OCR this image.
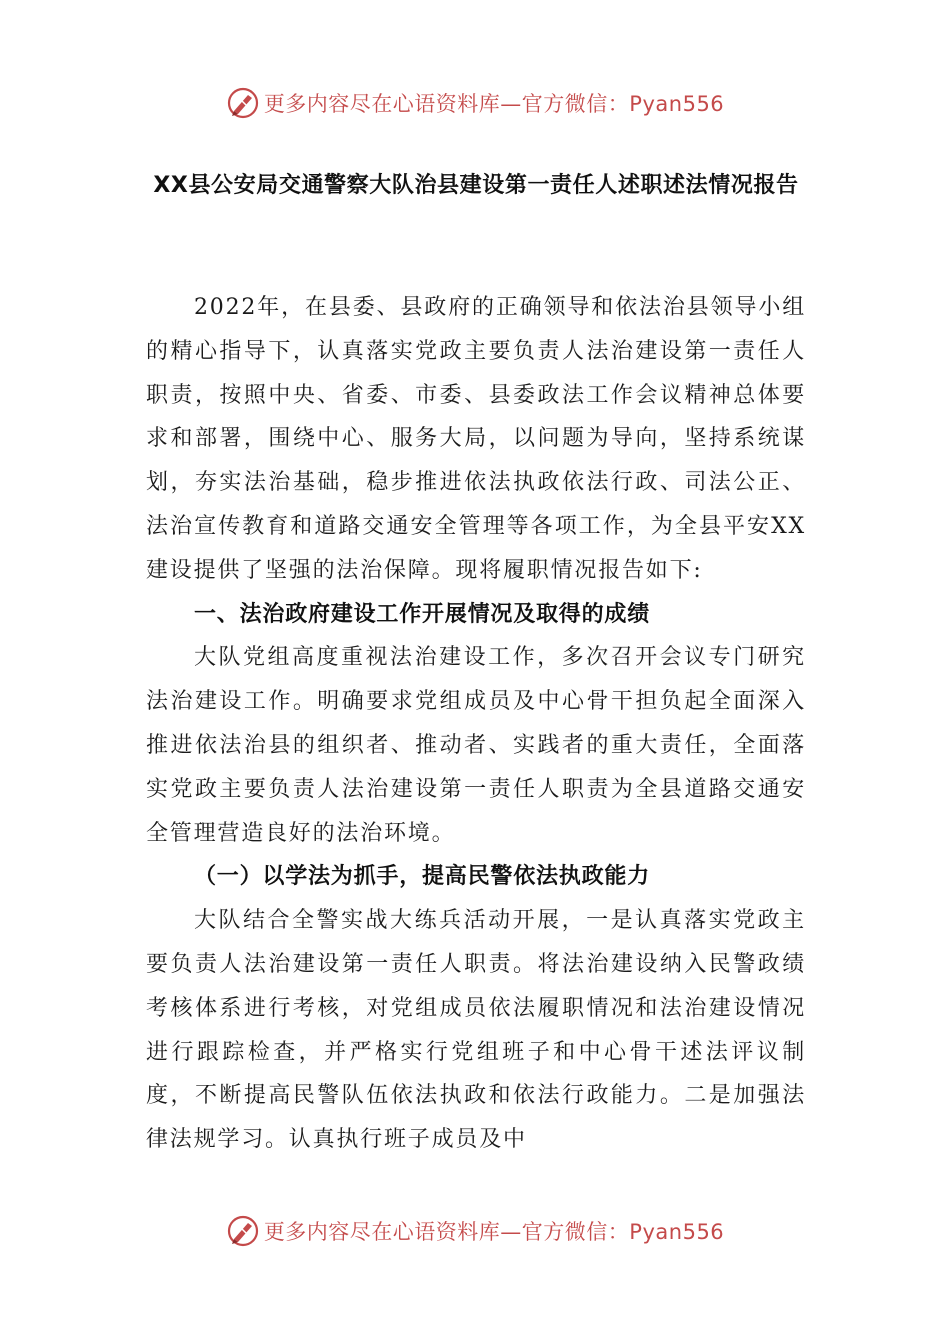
更多内容尽在心语资料库—官方微信：Pyan556
XX县公安局交通警察大队治县建设第一责任人述职述法情况报告

2022年，在县委、县政府的正确领导和依法治县领导小组的精心指导下，认真落实党政主要负责人法治建设第一责任人职责，按照中央、省委、市委、县委政法工作会议精神总体要求和部署，围绕中心、服务大局，以问题为导向，坚持系统谋划，夯实法治基础，稳步推进依法执政依法行政、司法公正、法治宣传教育和道路交通安全管理等各项工作，为全县平安XX建设提供了坚强的法治保障。现将履职情况报告如下:

一、法治政府建设工作开展情况及取得的成绩

大队党组高度重视法治建设工作，多次召开会议专门研究法治建设工作。明确要求党组成员及中心骨干担负起全面深入推进依法治县的组织者、推动者、实践者的重大责任，全面落实党政主要负责人法治建设第一责任人职责为全县道路交通安全管理营造良好的法治环境。

（一）以学法为抓手，提高民警依法执政能力

大队结合全警实战大练兵活动开展，一是认真落实党政主要负责人法治建设第一责任人职责。将法治建设纳入民警政绩考核体系进行考核，对党组成员依法履职情况和法治建设情况进行跟踪检查，并严格实行党组班子和中心骨干述法评议制度，不断提高民警队伍依法执政和依法行政能力。二是加强法律法规学习。认真执行班子成员及中

更多内容尽在心语资料库—官方微信：Pyan556
